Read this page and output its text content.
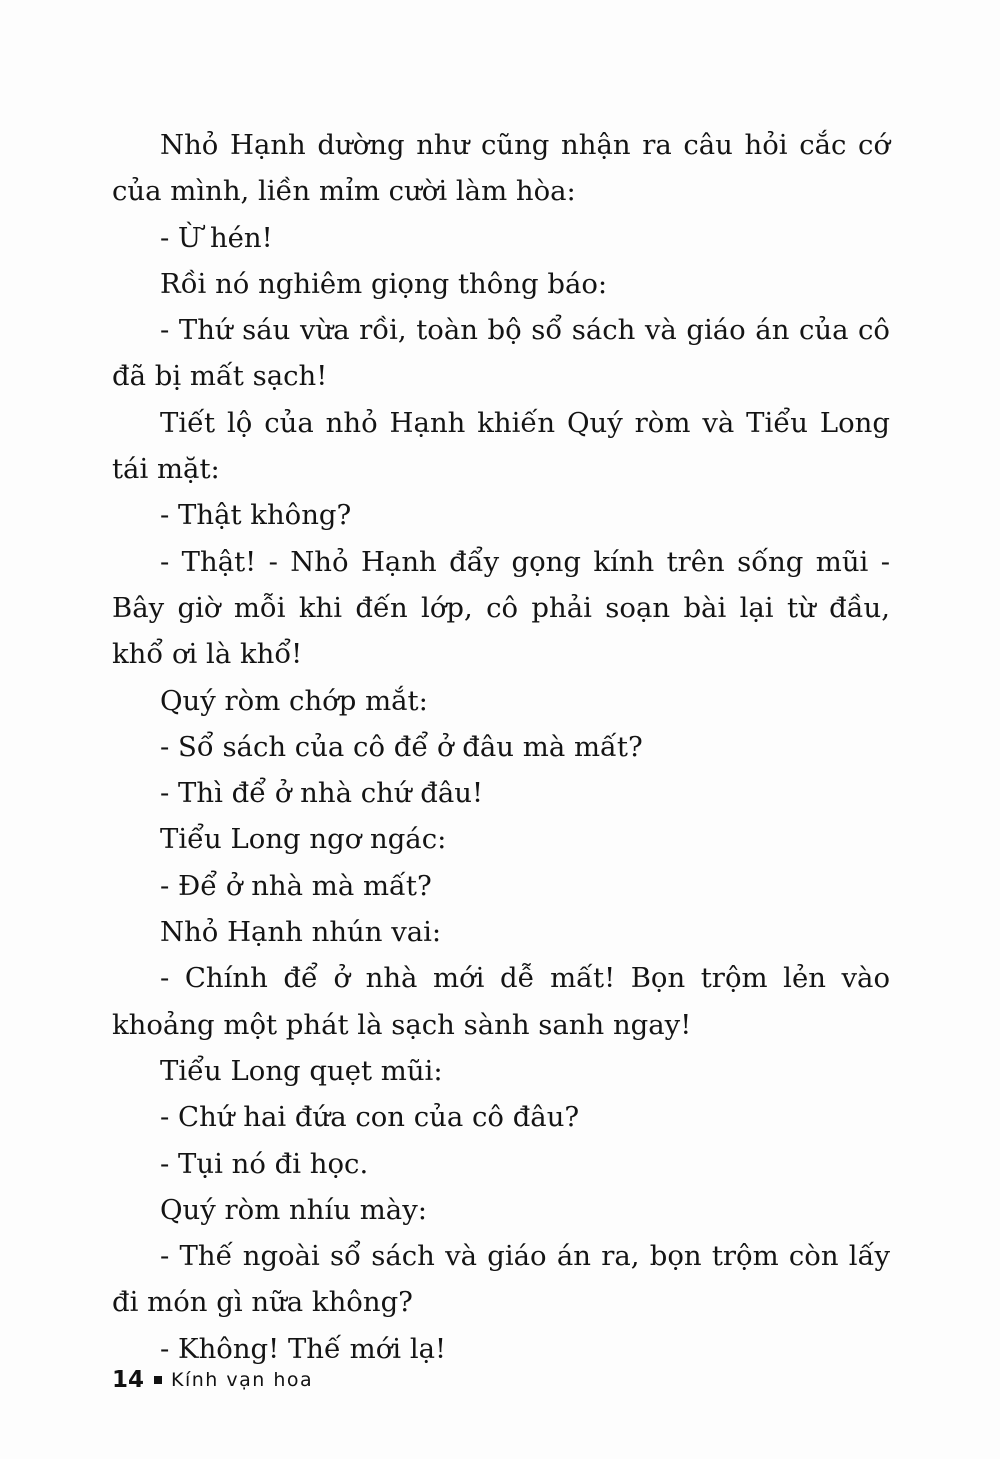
Nhỏ Hạnh dường như cũng nhận ra câu hỏi cắc cớ của mình, liền mỉm cười làm hòa:

- Ừ hén!

Rồi nó nghiêm giọng thông báo:

- Thứ sáu vừa rồi, toàn bộ sổ sách và giáo án của cô đã bị mất sạch!

Tiết lộ của nhỏ Hạnh khiến Quý ròm và Tiểu Long tái mặt:

- Thật không?

- Thật! - Nhỏ Hạnh đẩy gọng kính trên sống mũi - Bây giờ mỗi khi đến lớp, cô phải soạn bài lại từ đầu, khổ ơi là khổ!

Quý ròm chớp mắt:

- Sổ sách của cô để ở đâu mà mất?

- Thì để ở nhà chứ đâu!

Tiểu Long ngơ ngác:

- Để ở nhà mà mất?

Nhỏ Hạnh nhún vai:

- Chính để ở nhà mới dễ mất! Bọn trộm lẻn vào khoảng một phát là sạch sành sanh ngay!

Tiểu Long quẹt mũi:

- Chứ hai đứa con của cô đâu?

- Tụi nó đi học.

Quý ròm nhíu mày:

- Thế ngoài sổ sách và giáo án ra, bọn trộm còn lấy đi món gì nữa không?

- Không! Thế mới lạ!

14 Kính vạn hoa
